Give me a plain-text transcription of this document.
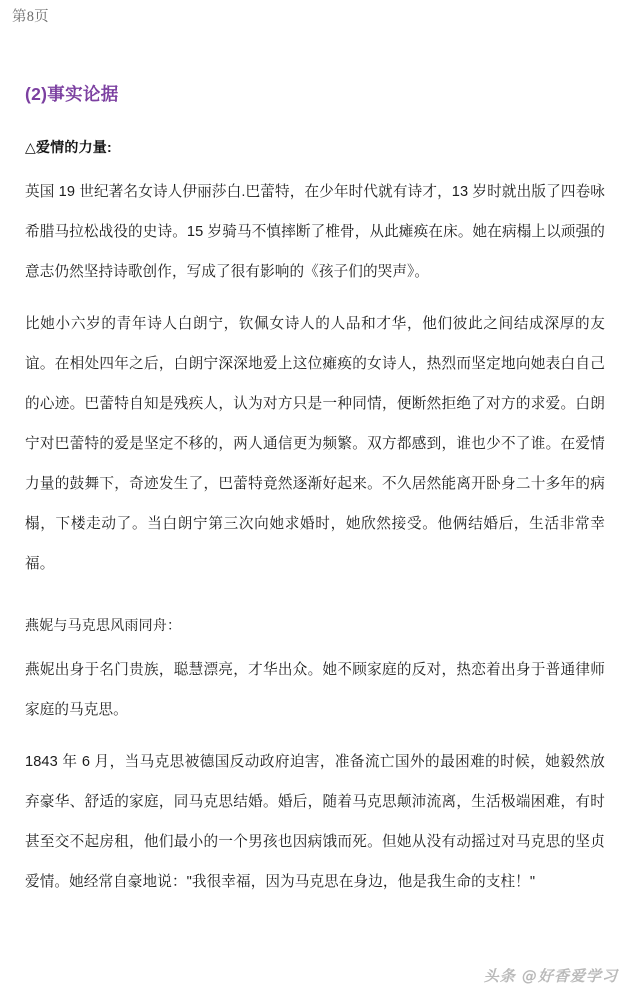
第8页
(2)事实论据
△爱情的力量:

英国 19 世纪著名女诗人伊丽莎白.巴蕾特，在少年时代就有诗才，13 岁时就出版了四卷咏希腊马拉松战役的史诗。15 岁骑马不慎摔断了椎骨，从此瘫痪在床。她在病榻上以顽强的意志仍然坚持诗歌创作，写成了很有影响的《孩子们的哭声》。

比她小六岁的青年诗人白朗宁，钦佩女诗人的人品和才华，他们彼此之间结成深厚的友谊。在相处四年之后，白朗宁深深地爱上这位瘫痪的女诗人，热烈而坚定地向她表白自己的心迹。巴蕾特自知是残疾人，认为对方只是一种同情，便断然拒绝了对方的求爱。白朗宁对巴蕾特的爱是坚定不移的，两人通信更为频繁。双方都感到，谁也少不了谁。在爱情力量的鼓舞下，奇迹发生了，巴蕾特竟然逐渐好起来。不久居然能离开卧身二十多年的病榻，下楼走动了。当白朗宁第三次向她求婚时，她欣然接受。他俩结婚后，生活非常幸福。

燕妮与马克思风雨同舟：

燕妮出身于名门贵族，聪慧漂亮，才华出众。她不顾家庭的反对，热恋着出身于普通律师家庭的马克思。

1843 年 6 月，当马克思被德国反动政府迫害，准备流亡国外的最困难的时候，她毅然放弃豪华、舒适的家庭，同马克思结婚。婚后，随着马克思颠沛流离，生活极端困难，有时甚至交不起房租，他们最小的一个男孩也因病饿而死。但她从没有动摇过对马克思的坚贞爱情。她经常自豪地说："我很幸福，因为马克思在身边，他是我生命的支柱！"

头条 @好香爱学习
